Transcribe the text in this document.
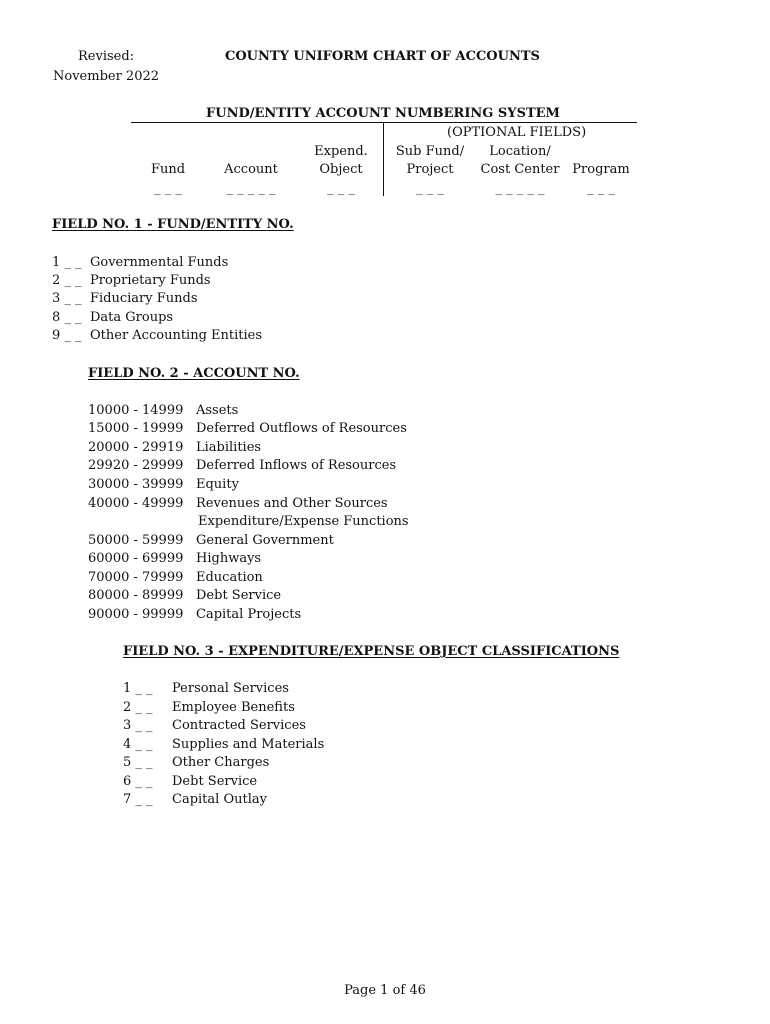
Revised:
November 2022
COUNTY UNIFORM CHART OF ACCOUNTS
FUND/ENTITY ACCOUNT NUMBERING SYSTEM
(OPTIONAL FIELDS)
Fund
_ _ _
Account
_ _ _ _ _
Expend.
Object
_ _ _
Sub Fund/
Project
_ _ _
Location/
Cost Center
_ _ _ _ _
Program
_ _ _
FIELD NO. 1 - FUND/ENTITY NO.
1 _ _ Governmental Funds
2 _ _ Proprietary Funds
3 _ _ Fiduciary Funds
8 _ _ Data Groups
9 _ _ Other Accounting Entities
FIELD NO. 2 - ACCOUNT NO.
10000 - 14999 Assets
15000 - 19999 Deferred Outflows of Resources
20000 - 29919 Liabilities
29920 - 29999 Deferred Inflows of Resources
30000 - 39999 Equity
40000 - 49999 Revenues and Other Sources
Expenditure/Expense Functions
50000 - 59999 General Government
60000 - 69999 Highways
70000 - 79999 Education
80000 - 89999 Debt Service
90000 - 99999 Capital Projects
FIELD NO. 3 - EXPENDITURE/EXPENSE OBJECT CLASSIFICATIONS
1 _ _ Personal Services
2 _ _ Employee Benefits
3 _ _ Contracted Services
4 _ _ Supplies and Materials
5 _ _ Other Charges
6 _ _ Debt Service
7 _ _ Capital Outlay
Page 1 of 46
